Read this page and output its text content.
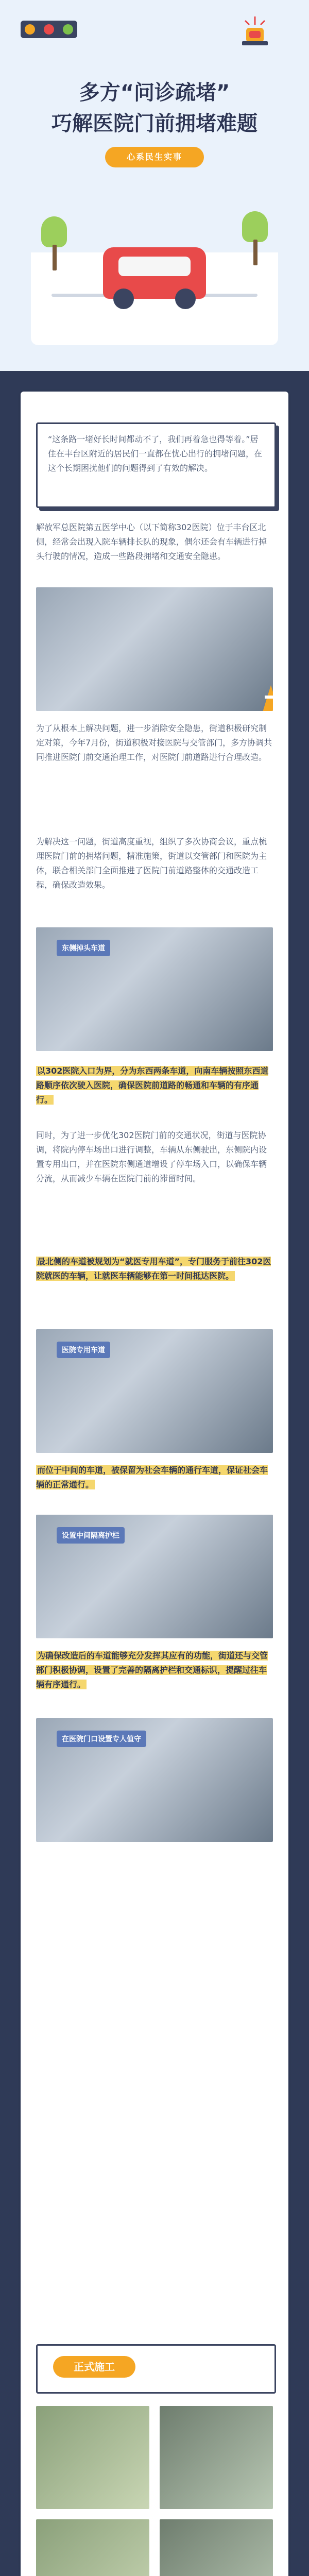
多方“问诊疏堵”
巧解医院门前拥堵难题
心系民生实事
“这条路一堵好长时间都动不了，我们再着急也得等着。”居住在丰台区附近的居民们一直都在忧心出行的拥堵问题，在这个长期困扰他们的问题得到了有效的解决。
解放军总医院第五医学中心（以下简称302医院）位于丰台区北侧，经常会出现入院车辆排长队的现象，偶尔还会有车辆进行掉头行驶的情况，造成一些路段拥堵和交通安全隐患。
为了从根本上解决问题，进一步消除安全隐患，街道积极研究制定对策，今年7月份，街道积极对接医院与交管部门，多方协调共同推进医院门前交通治理工作，对医院门前道路进行合理改造。
为解决这一问题，街道高度重视，组织了多次协商会议，重点梳理医院门前的拥堵问题，精准施策，街道以交管部门和医院为主体，联合相关部门全面推进了医院门前道路整体的交通改造工程，确保改造效果。
东侧掉头车道
以302医院入口为界，分为东西两条车道，向南车辆按照东西道路顺序依次驶入医院，确保医院前道路的畅通和车辆的有序通行。
同时，为了进一步优化302医院门前的交通状况，街道与医院协调，将院内停车场出口进行调整，车辆从东侧驶出，东侧院内设置专用出口，并在医院东侧通道增设了停车场入口，以确保车辆分流，从而减少车辆在医院门前的滞留时间。
最北侧的车道被规划为“就医专用车道”，专门服务于前往302医院就医的车辆，让就医车辆能够在第一时间抵达医院。
医院专用车道
而位于中间的车道，被保留为社会车辆的通行车道，保证社会车辆的正常通行。
设置中间隔离护栏
为确保改造后的车道能够充分发挥其应有的功能，街道还与交管部门积极协调，设置了完善的隔离护栏和交通标识，提醒过往车辆有序通行。
在医院门口设置专人值守
正式施工
